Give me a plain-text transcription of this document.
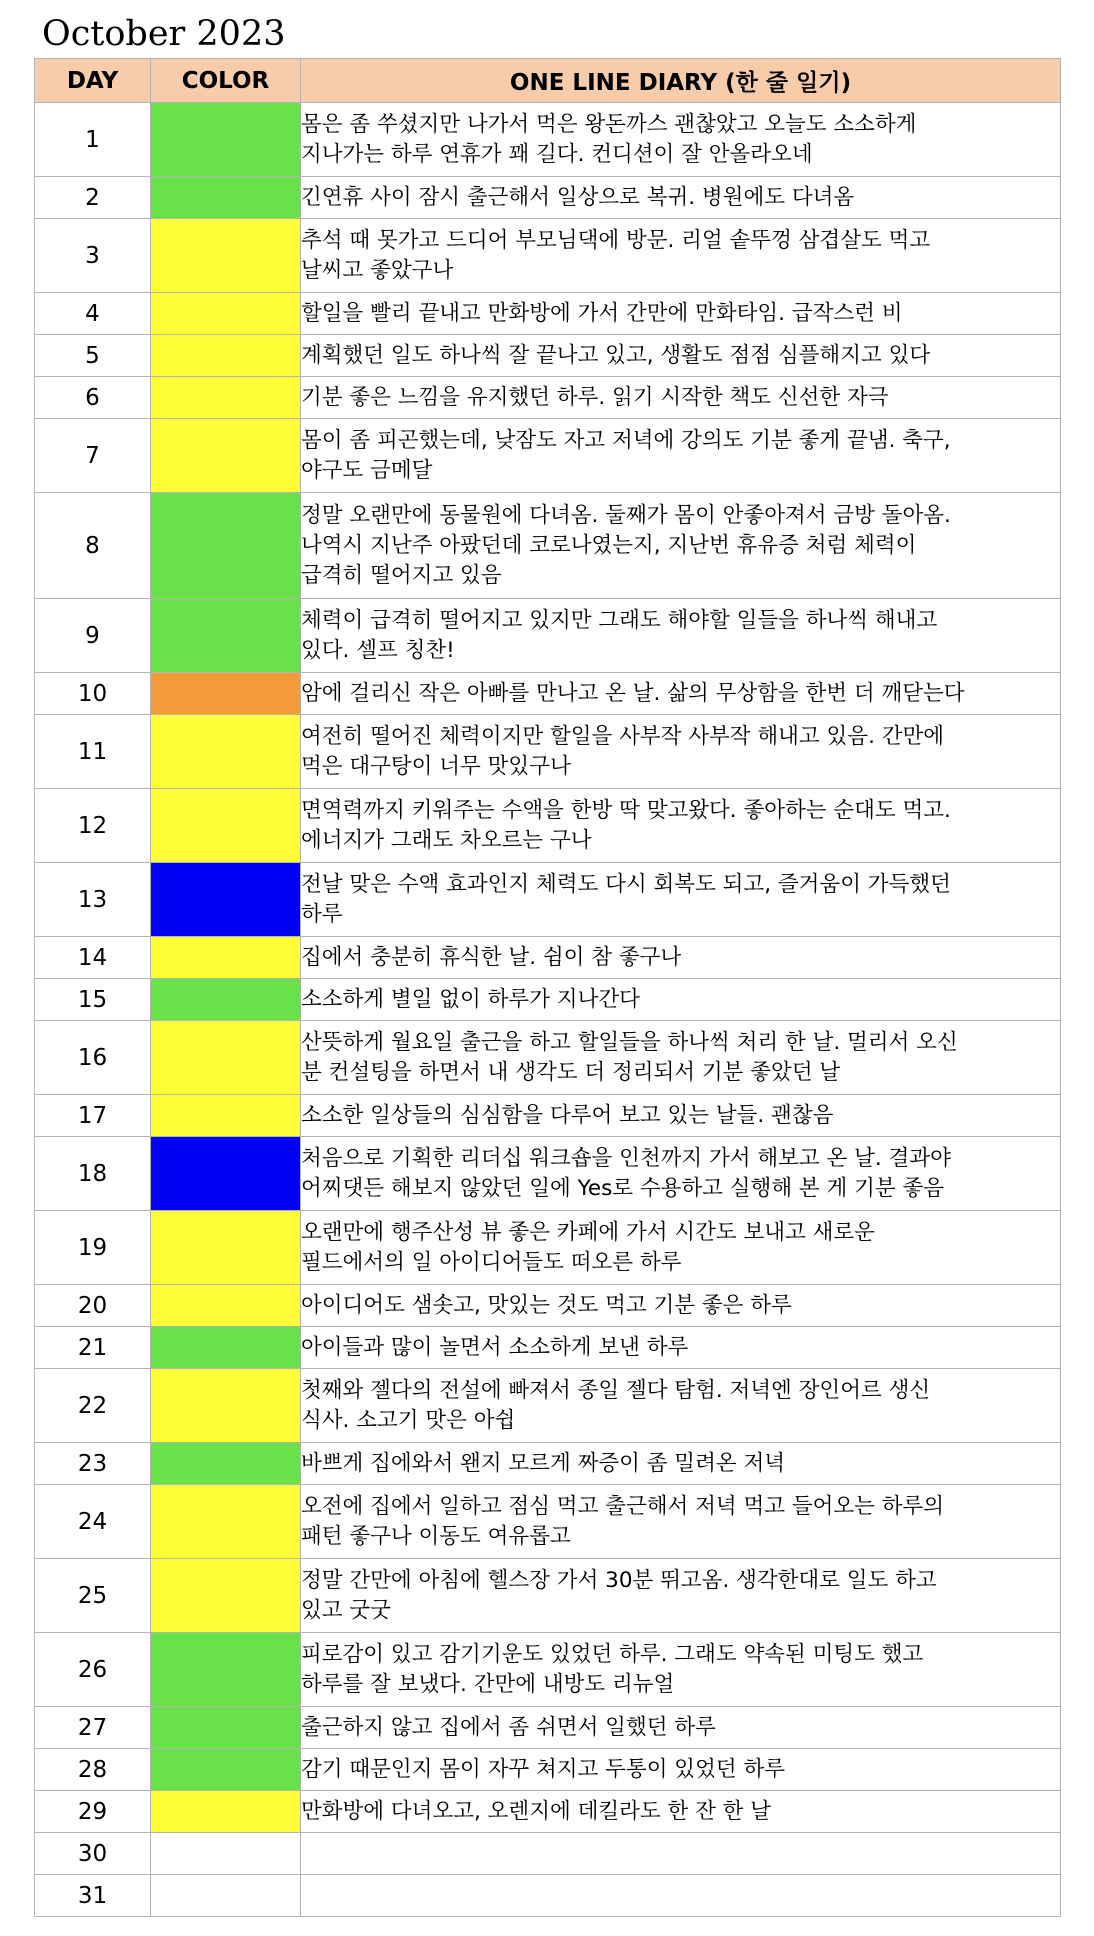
October 2023
DAY	COLOR	ONE LINE DIARY (한 줄 일기)
1		몸은 좀 쑤셨지만 나가서 먹은 왕돈까스 괜찮았고 오늘도 소소하게
지나가는 하루 연휴가 꽤 길다. 컨디션이 잘 안올라오네
2		긴연휴 사이 잠시 출근해서 일상으로 복귀. 병원에도 다녀옴
3		추석 때 못가고 드디어 부모님댁에 방문. 리얼 솥뚜껑 삼겹살도 먹고
날씨고 좋았구나
4		할일을 빨리 끝내고 만화방에 가서 간만에 만화타임. 급작스런 비
5		계획했던 일도 하나씩 잘 끝나고 있고, 생활도 점점 심플해지고 있다
6		기분 좋은 느낌을 유지했던 하루. 읽기 시작한 책도 신선한 자극
7		몸이 좀 피곤했는데, 낮잠도 자고 저녁에 강의도 기분 좋게 끝냄. 축구,
야구도 금메달
8		정말 오랜만에 동물원에 다녀옴. 둘째가 몸이 안좋아져서 금방 돌아옴.
나역시 지난주 아팠던데 코로나였는지, 지난번 휴유증 처럼 체력이
급격히 떨어지고 있음
9		체력이 급격히 떨어지고 있지만 그래도 해야할 일들을 하나씩 해내고
있다. 셀프 칭찬!
10		암에 걸리신 작은 아빠를 만나고 온 날. 삶의 무상함을 한번 더 깨닫는다
11		여전히 떨어진 체력이지만 할일을 사부작 사부작 해내고 있음. 간만에
먹은 대구탕이 너무 맛있구나
12		면역력까지 키워주는 수액을 한방 딱 맞고왔다. 좋아하는 순대도 먹고.
에너지가 그래도 차오르는 구나
13		전날 맞은 수액 효과인지 체력도 다시 회복도 되고, 즐거움이 가득했던
하루
14		집에서 충분히 휴식한 날. 쉼이 참 좋구나
15		소소하게 별일 없이 하루가 지나간다
16		산뜻하게 월요일 출근을 하고 할일들을 하나씩 처리 한 날. 멀리서 오신
분 컨설팅을 하면서 내 생각도 더 정리되서 기분 좋았던 날
17		소소한 일상들의 심심함을 다루어 보고 있는 날들. 괜찮음
18		처음으로 기획한 리더십 워크숍을 인천까지 가서 해보고 온 날. 결과야
어찌댓든 해보지 않았던 일에 Yes로 수용하고 실행해 본 게 기분 좋음
19		오랜만에 행주산성 뷰 좋은 카페에 가서 시간도 보내고 새로운
필드에서의 일 아이디어들도 떠오른 하루
20		아이디어도 샘솟고, 맛있는 것도 먹고 기분 좋은 하루
21		아이들과 많이 놀면서 소소하게 보낸 하루
22		첫째와 젤다의 전설에 빠져서 종일 젤다 탐험. 저녁엔 장인어르 생신
식사. 소고기 맛은 아쉽
23		바쁘게 집에와서 왠지 모르게 짜증이 좀 밀려온 저녁
24		오전에 집에서 일하고 점심 먹고 출근해서 저녁 먹고 들어오는 하루의
패턴 좋구나 이동도 여유롭고
25		정말 간만에 아침에 헬스장 가서 30분 뛰고옴. 생각한대로 일도 하고
있고 굿굿
26		피로감이 있고 감기기운도 있었던 하루. 그래도 약속된 미팅도 했고
하루를 잘 보냈다. 간만에 내방도 리뉴얼
27		출근하지 않고 집에서 좀 쉬면서 일했던 하루
28		감기 때문인지 몸이 자꾸 쳐지고 두통이 있었던 하루
29		만화방에 다녀오고, 오렌지에 데킬라도 한 잔 한 날
30		
31		
